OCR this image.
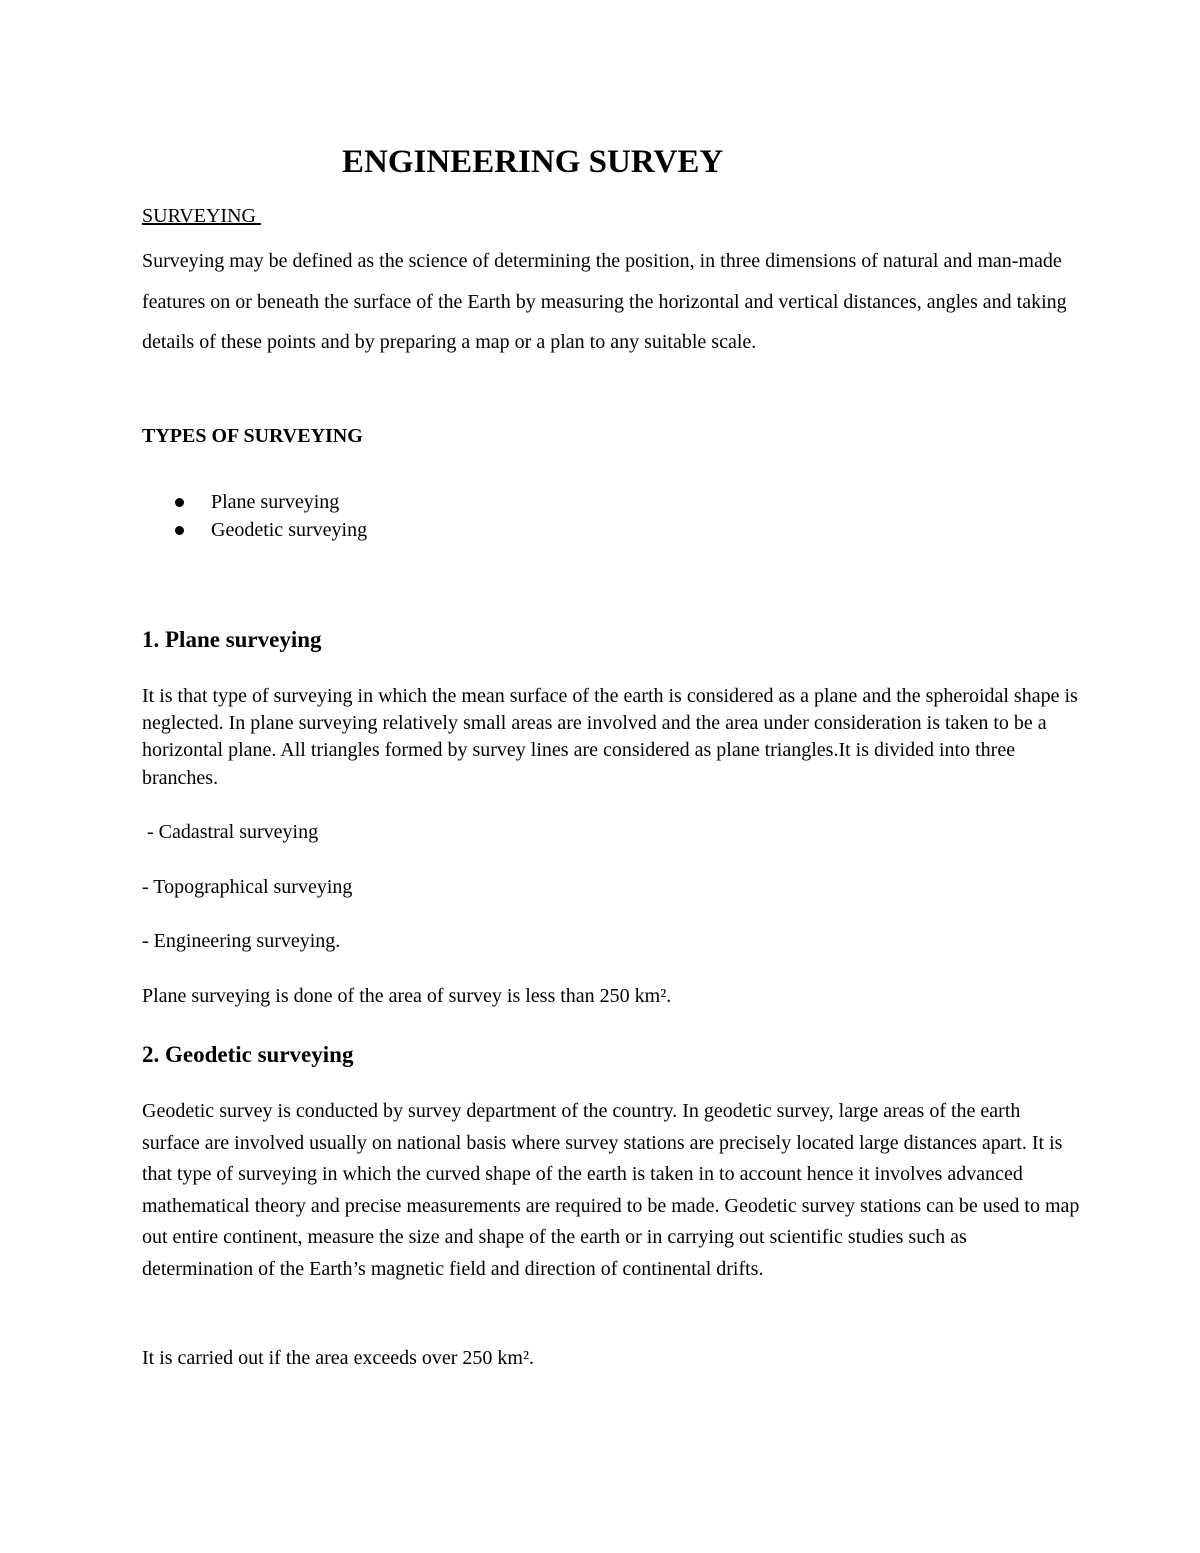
ENGINEERING SURVEY
SURVEYING
Surveying may be defined as the science of determining the position, in three dimensions of natural and man-made features on or beneath the surface of the Earth by measuring the horizontal and vertical distances, angles and taking details of these points and by preparing a map or a plan to any suitable scale.
TYPES OF SURVEYING
Plane surveying
Geodetic surveying
1. Plane surveying
It is that type of surveying in which the mean surface of the earth is considered as a plane and the spheroidal shape is neglected. In plane surveying relatively small areas are involved and the area under consideration is taken to be a horizontal plane. All triangles formed by survey lines are considered as plane triangles.It is divided into three branches.
- Cadastral surveying
- Topographical surveying
- Engineering surveying.
Plane surveying is done of the area of survey is less than 250 km².
2. Geodetic surveying
Geodetic survey is conducted by survey department of the country. In geodetic survey, large areas of the earth surface are involved usually on national basis where survey stations are precisely located large distances apart. It is that type of surveying in which the curved shape of the earth is taken in to account hence it involves advanced mathematical theory and precise measurements are required to be made. Geodetic survey stations can be used to map out entire continent, measure the size and shape of the earth or in carrying out scientific studies such as determination of the Earth’s magnetic field and direction of continental drifts.
It is carried out if the area exceeds over 250 km².
